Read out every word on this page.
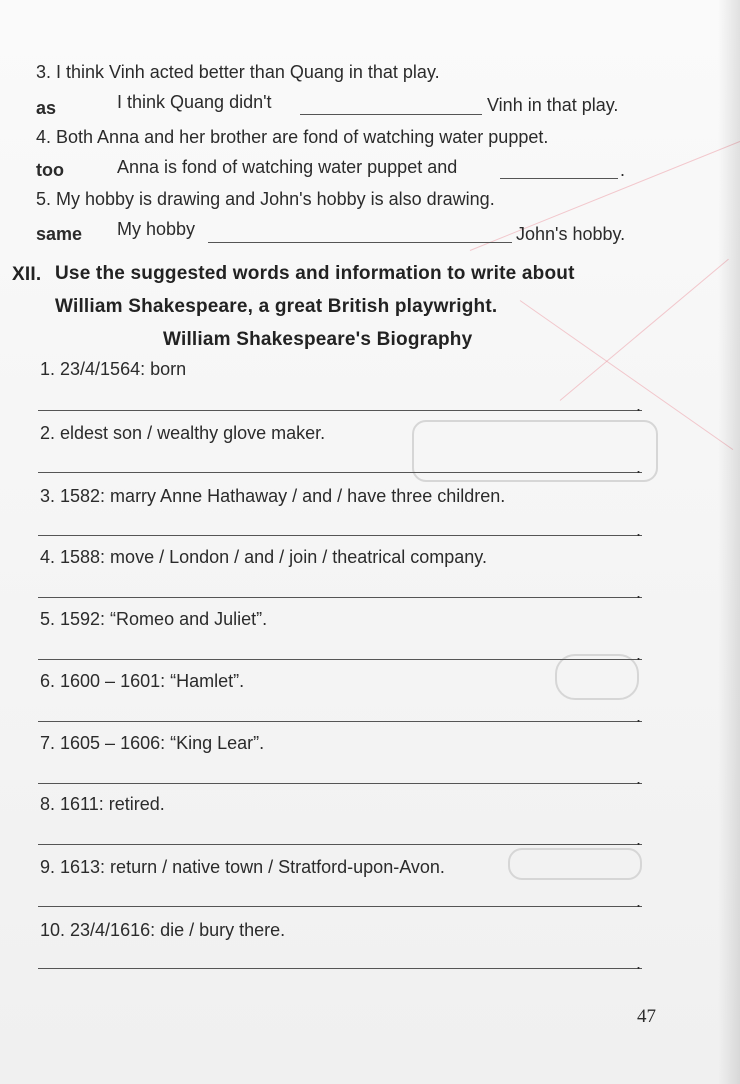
3. I think Vinh acted better than Quang in that play.
as	I think Quang didn't	Vinh in that play.
4. Both Anna and her brother are fond of watching water puppet.
too	Anna is fond of watching water puppet and	.
5. My hobby is drawing and John's hobby is also drawing.
same My hobby	John's hobby.
XII. Use the suggested words and information to write about
William Shakespeare, a great British playwright.
William Shakespeare's Biography
1. 23/4/1564: born
.
2. eldest son / wealthy glove maker.
.
3. 1582: marry Anne Hathaway / and / have three children.
.
4. 1588: move / London / and / join / theatrical company.
.
5. 1592: “Romeo and Juliet”.
.
6. 1600 – 1601: “Hamlet”.
.
7. 1605 – 1606: “King Lear”.
.
8. 1611: retired.
.
9. 1613: return / native town / Stratford-upon-Avon.
.
10. 23/4/1616: die / bury there.
.
47
